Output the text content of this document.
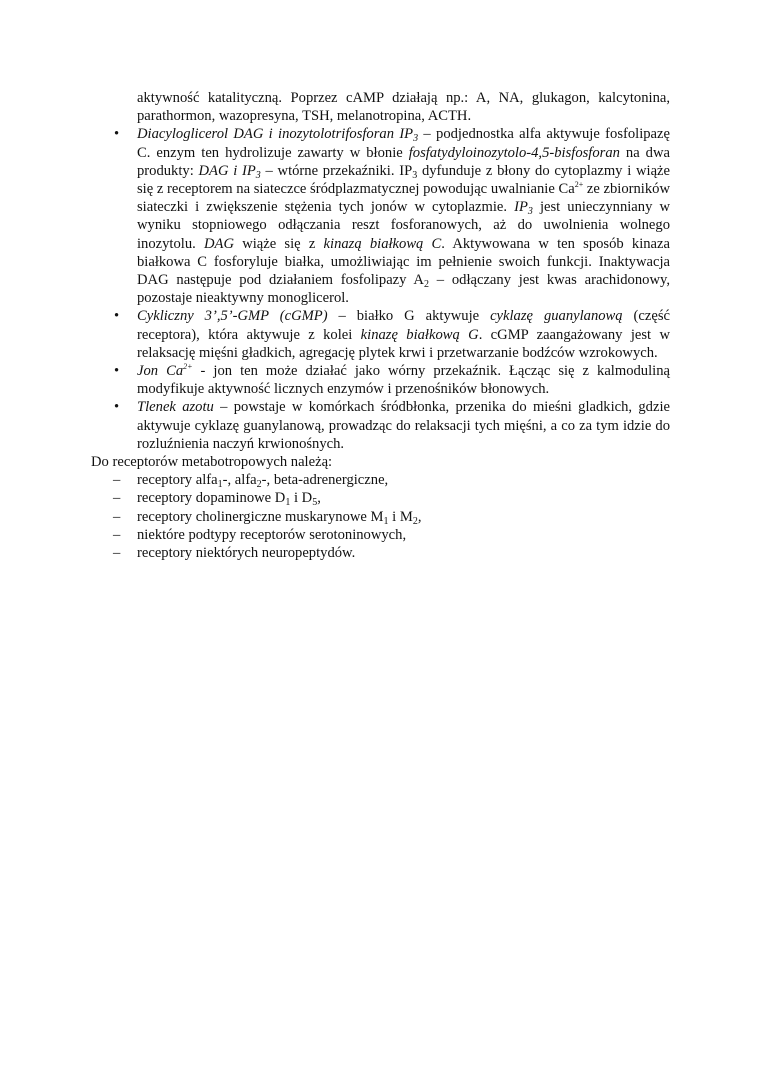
aktywność katalityczną. Poprzez cAMP działają np.: A, NA, glukagon, kalcytonina, parathormon, wazopresyna, TSH, melanotropina, ACTH.
• Diacyloglicerol DAG i inozytolotrifosforan $IP_3$ – podjednostka alfa aktywuje fosfolipazę C. enzym ten hydrolizuje zawarty w błonie fosfatydyloinozytolo-4,5-bisfosforan na dwa produkty: DAG i $IP_3$ – wtórne przekaźniki. $IP_3$ dyfunduje z błony do cytoplazmy i wiąże się z receptorem na siateczce śródplazmatycznej powodując uwalnianie $Ca^{2+}$ ze zbiorników siateczki i zwiększenie stężenia tych jonów w cytoplazmie. $IP_3$ jest unieczynniany w wyniku stopniowego odłączania reszt fosforanowych, aż do uwolnienia wolnego inozytolu. DAG wiąże się z kinazą białkową C. Aktywowana w ten sposób kinaza białkowa C fosforyluje białka, umożliwiając im pełnienie swoich funkcji. Inaktywacja DAG następuje pod działaniem fosfolipazy $A_2$ – odłączany jest kwas arachidonowy, pozostaje nieaktywny monoglicerol.
• Cykliczny 3’,5’-GMP (cGMP) – białko G aktywuje cyklazę guanylanową (część receptora), która aktywuje z kolei kinazę białkową G. cGMP zaangażowany jest w relaksację mięśni gładkich, agregację plytek krwi i przetwarzanie bodźców wzrokowych.
• Jon $Ca^{2+}$ - jon ten może działać jako wórny przekaźnik. Łącząc się z kalmoduliną modyfikuje aktywność licznych enzymów i przenośników błonowych.
• Tlenek azotu – powstaje w komórkach śródbłonka, przenika do mieśni gladkich, gdzie aktywuje cyklazę guanylanową, prowadząc do relaksacji tych mięśni, a co za tym idzie do rozluźnienia naczyń krwionośnych.

Do receptorów metabotropowych należą:

– receptory alfa$_1$-, alfa$_2$-, beta-adrenergiczne,
– receptory dopaminowe $D_1$ i $D_5$,
– receptory cholinergiczne muskarynowe $M_1$ i $M_2$,
– niektóre podtypy receptorów serotoninowych,
– receptory niektórych neuropeptydów.
